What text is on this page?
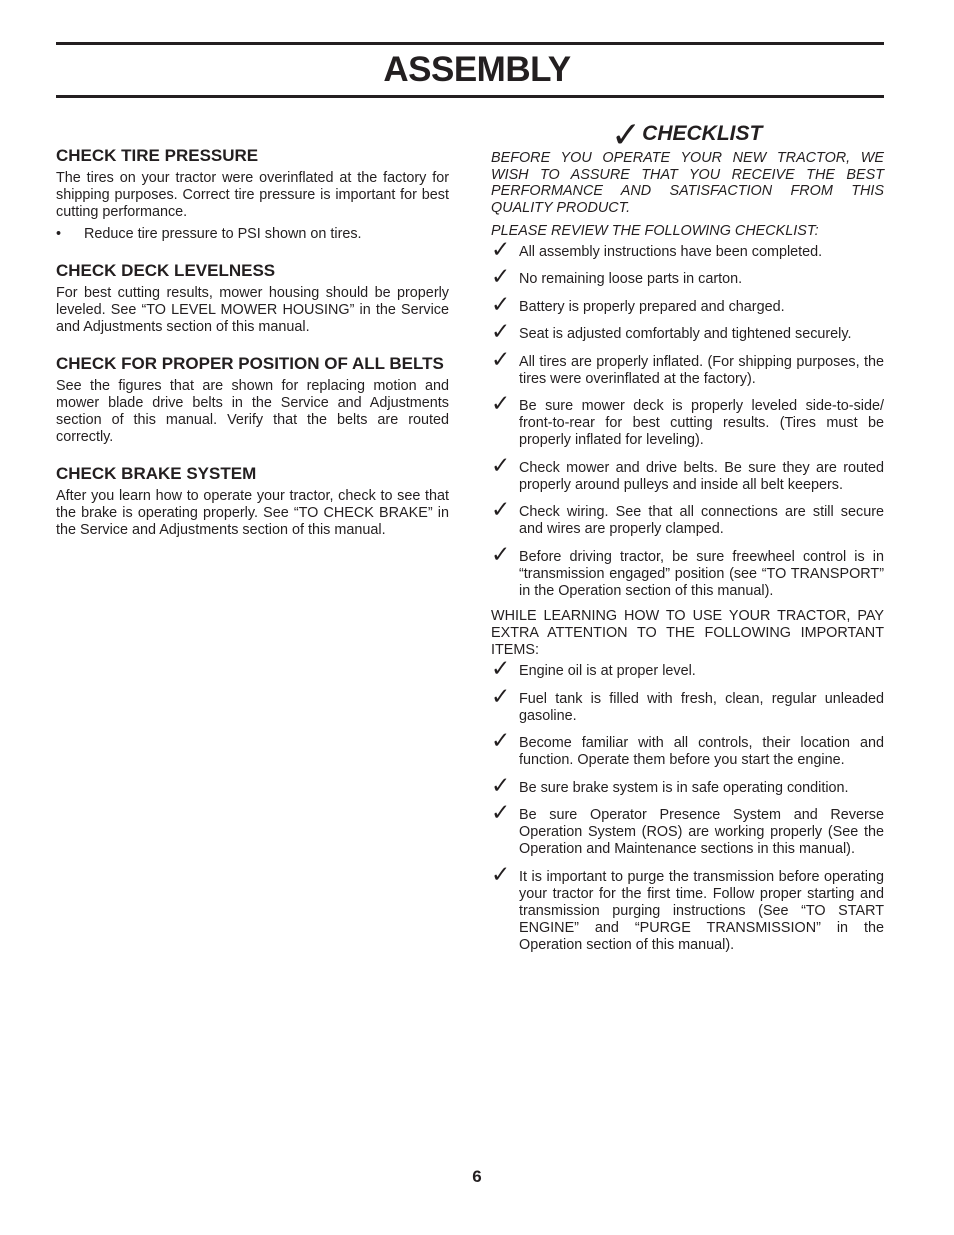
ASSEMBLY
CHECK TIRE PRESSURE

The tires on your tractor were overinflated at the factory for shipping purposes. Correct tire pressure is important for best cutting performance.

•	Reduce tire pressure to PSI shown on tires.
CHECK DECK LEVELNESS

For best cutting results, mower housing should be properly leveled. See “TO LEVEL MOWER HOUSING” in the Service and Adjustments section of this manual.

CHECK FOR PROPER POSITION OF ALL BELTS

See the figures that are shown for replacing motion and mower blade drive belts in the Service and Adjustments section of this manual. Verify that the belts are routed correctly.

CHECK BRAKE SYSTEM

After you learn how to operate your tractor, check to see that the brake is operating properly. See “TO CHECK BRAKE” in the Service and Adjustments section of this manual.

✓ CHECKLIST

BEFORE YOU OPERATE YOUR NEW TRACTOR, WE WISH TO ASSURE THAT YOU RECEIVE THE BEST PERFORMANCE AND SATISFACTION FROM THIS QUALITY PRODUCT.

PLEASE REVIEW THE FOLLOWING CHECKLIST:

✓ All assembly instructions have been completed.
✓ No remaining loose parts in carton.
✓ Battery is properly prepared and charged.
✓ Seat is adjusted comfortably and tightened securely.
✓ All tires are properly inflated. (For shipping purposes, the tires were overinflated at the factory).
✓ Be sure mower deck is properly leveled side-to-side/ front-to-rear for best cutting results. (Tires must be properly inflated for leveling).
✓ Check mower and drive belts. Be sure they are routed properly around pulleys and inside all belt keepers.
✓ Check wiring. See that all connections are still secure and wires are properly clamped.
✓ Before driving tractor, be sure freewheel control is in “transmission engaged” position (see “TO TRANSPORT” in the Operation section of this manual).

WHILE LEARNING HOW TO USE YOUR TRACTOR, PAY EXTRA ATTENTION TO THE FOLLOWING IMPORTANT ITEMS:

✓ Engine oil is at proper level.
✓ Fuel tank is filled with fresh, clean, regular unleaded gasoline.
✓ Become familiar with all controls, their location and function. Operate them before you start the engine.
✓ Be sure brake system is in safe operating condition.
✓ Be sure Operator Presence System and Reverse Operation System (ROS) are working properly (See the Operation and Maintenance sections in this manual).
✓ It is important to purge the transmission before operating your tractor for the first time. Follow proper starting and transmission purging instructions (See “TO START ENGINE” and “PURGE TRANSMISSION” in the Operation section of this manual).
6
